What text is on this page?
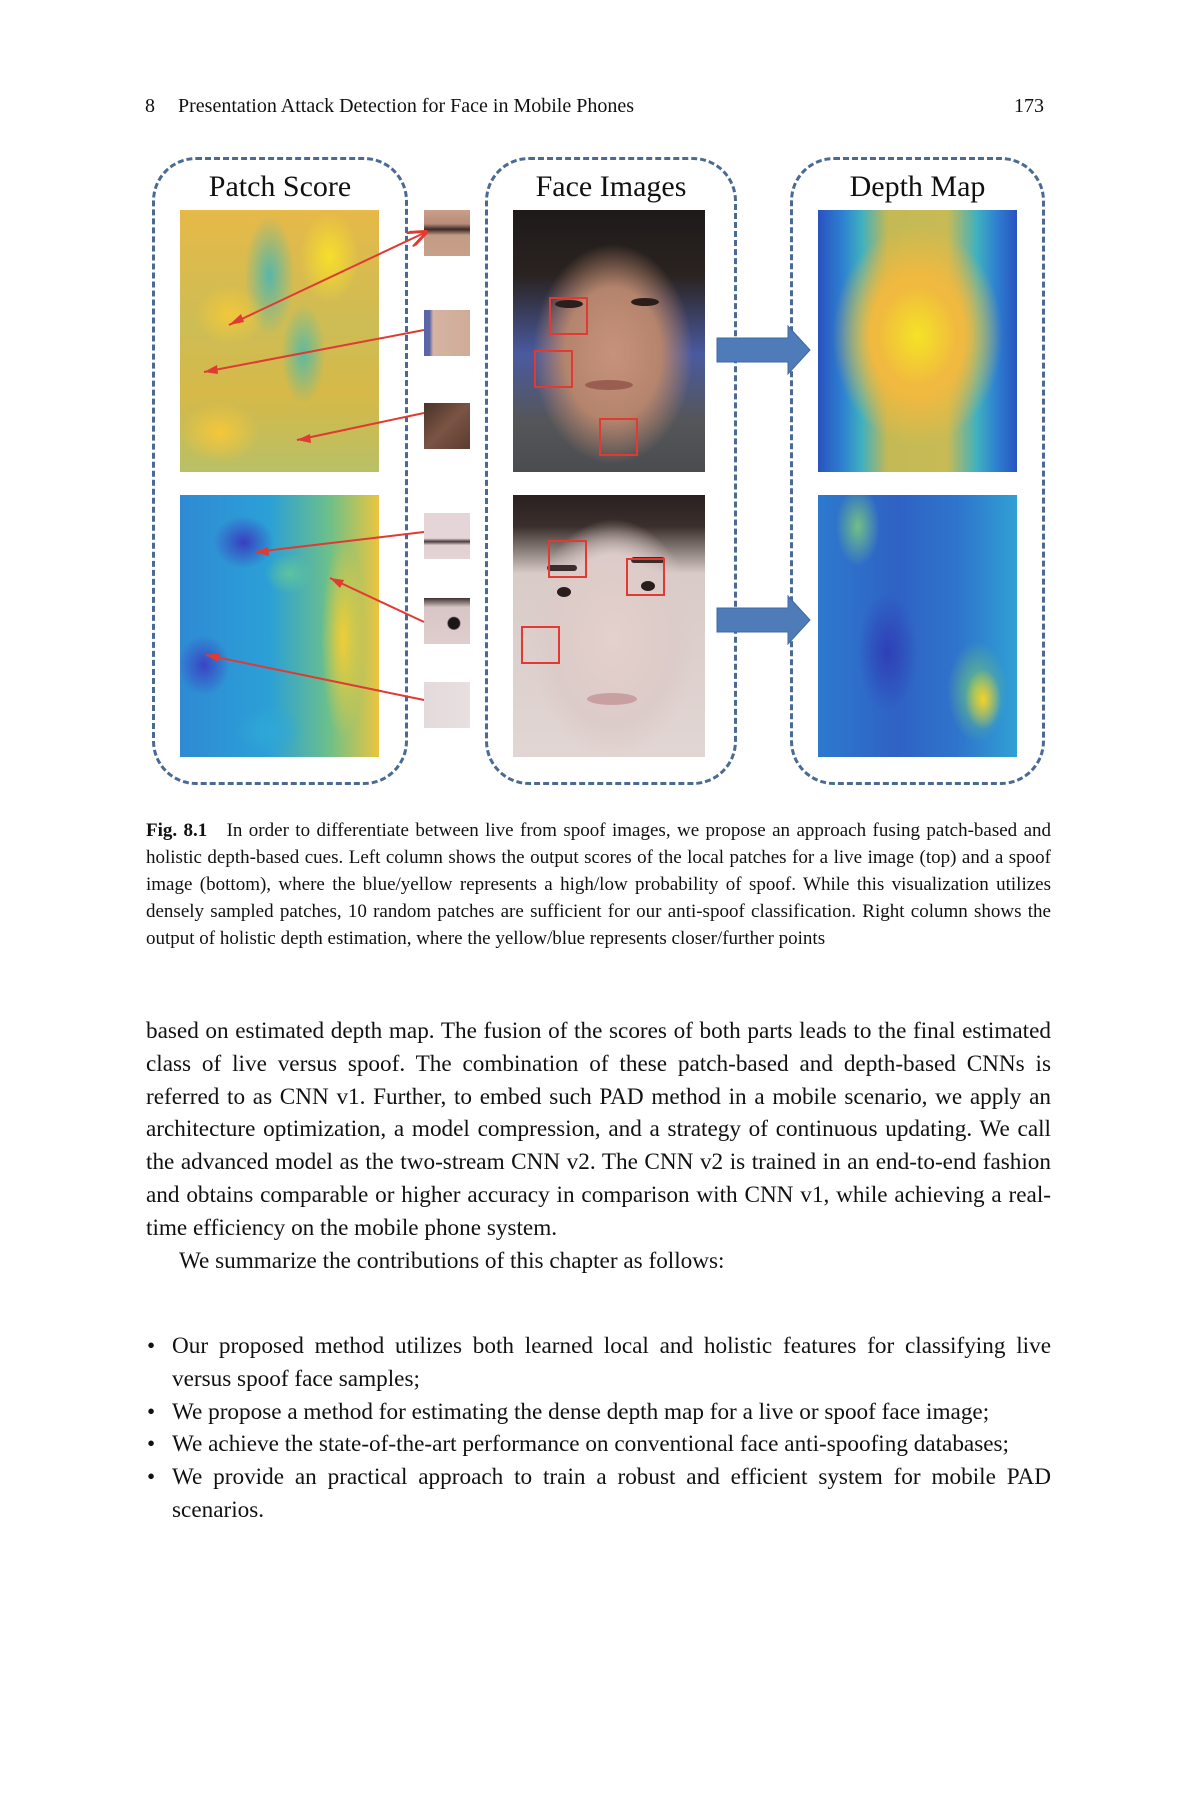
8 Presentation Attack Detection for Face in Mobile Phones	173
Patch Score	Face Images	Depth Map
Fig. 8.1 In order to differentiate between live from spoof images, we propose an approach fusing patch-based and holistic depth-based cues. Left column shows the output scores of the local patches for a live image (top) and a spoof image (bottom), where the blue/yellow represents a high/low probability of spoof. While this visualization utilizes densely sampled patches, 10 random patches are sufficient for our anti-spoof classification. Right column shows the output of holistic depth estimation, where the yellow/blue represents closer/further points

based on estimated depth map. The fusion of the scores of both parts leads to the final estimated class of live versus spoof. The combination of these patch-based and depth-based CNNs is referred to as CNN v1. Further, to embed such PAD method in a mobile scenario, we apply an architecture optimization, a model compression, and a strategy of continuous updating. We call the advanced model as the two-stream CNN v2. The CNN v2 is trained in an end-to-end fashion and obtains comparable or higher accuracy in comparison with CNN v1, while achieving a real-time efficiency on the mobile phone system.

We summarize the contributions of this chapter as follows:

• Our proposed method utilizes both learned local and holistic features for classifying live versus spoof face samples;
• We propose a method for estimating the dense depth map for a live or spoof face image;
• We achieve the state-of-the-art performance on conventional face anti-spoofing databases;
• We provide an practical approach to train a robust and efficient system for mobile PAD scenarios.
